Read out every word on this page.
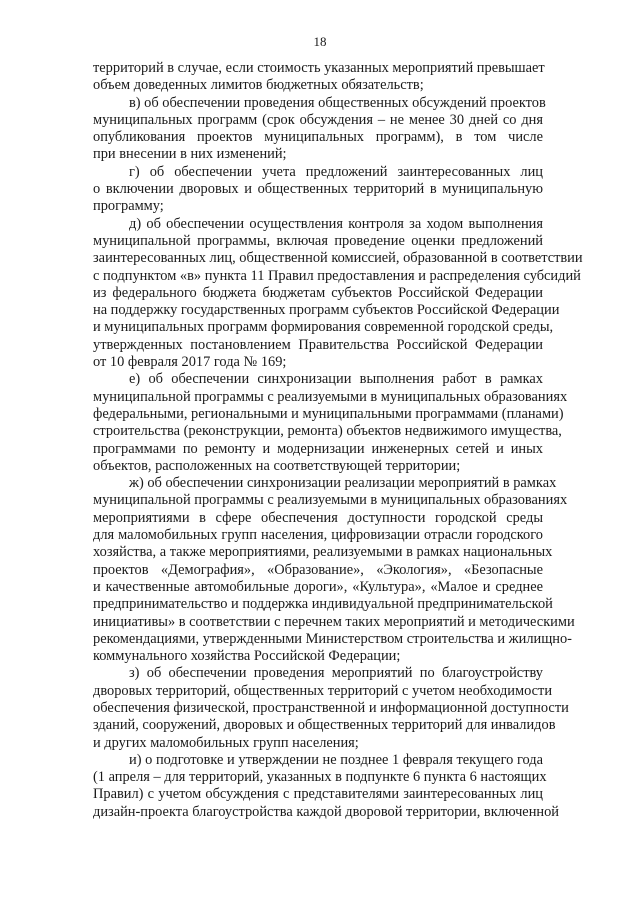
18
территорий в случае, если стоимость указанных мероприятий превышает
объем доведенных лимитов бюджетных обязательств;
в) об обеспечении проведения общественных обсуждений проектов
муниципальных программ (срок обсуждения – не менее 30 дней со дня
опубликования проектов муниципальных программ), в том числе
при внесении в них изменений;
г) об обеспечении учета предложений заинтересованных лиц
о включении дворовых и общественных территорий в муниципальную
программу;
д) об обеспечении осуществления контроля за ходом выполнения
муниципальной программы, включая проведение оценки предложений
заинтересованных лиц, общественной комиссией, образованной в соответствии
с подпунктом «в» пункта 11 Правил предоставления и распределения субсидий
из федерального бюджета бюджетам субъектов Российской Федерации
на поддержку государственных программ субъектов Российской Федерации
и муниципальных программ формирования современной городской среды,
утвержденных постановлением Правительства Российской Федерации
от 10 февраля 2017 года № 169;
е) об обеспечении синхронизации выполнения работ в рамках
муниципальной программы с реализуемыми в муниципальных образованиях
федеральными, региональными и муниципальными программами (планами)
строительства (реконструкции, ремонта) объектов недвижимого имущества,
программами по ремонту и модернизации инженерных сетей и иных
объектов, расположенных на соответствующей территории;
ж) об обеспечении синхронизации реализации мероприятий в рамках
муниципальной программы с реализуемыми в муниципальных образованиях
мероприятиями в сфере обеспечения доступности городской среды
для маломобильных групп населения, цифровизации отрасли городского
хозяйства, а также мероприятиями, реализуемыми в рамках национальных
проектов «Демография», «Образование», «Экология», «Безопасные
и качественные автомобильные дороги», «Культура», «Малое и среднее
предпринимательство и поддержка индивидуальной предпринимательской
инициативы» в соответствии с перечнем таких мероприятий и методическими
рекомендациями, утвержденными Министерством строительства и жилищно-
коммунального хозяйства Российской Федерации;
з) об обеспечении проведения мероприятий по благоустройству
дворовых территорий, общественных территорий с учетом необходимости
обеспечения физической, пространственной и информационной доступности
зданий, сооружений, дворовых и общественных территорий для инвалидов
и других маломобильных групп населения;
и) о подготовке и утверждении не позднее 1 февраля текущего года
(1 апреля – для территорий, указанных в подпункте 6 пункта 6 настоящих
Правил) с учетом обсуждения с представителями заинтересованных лиц
дизайн-проекта благоустройства каждой дворовой территории, включенной
